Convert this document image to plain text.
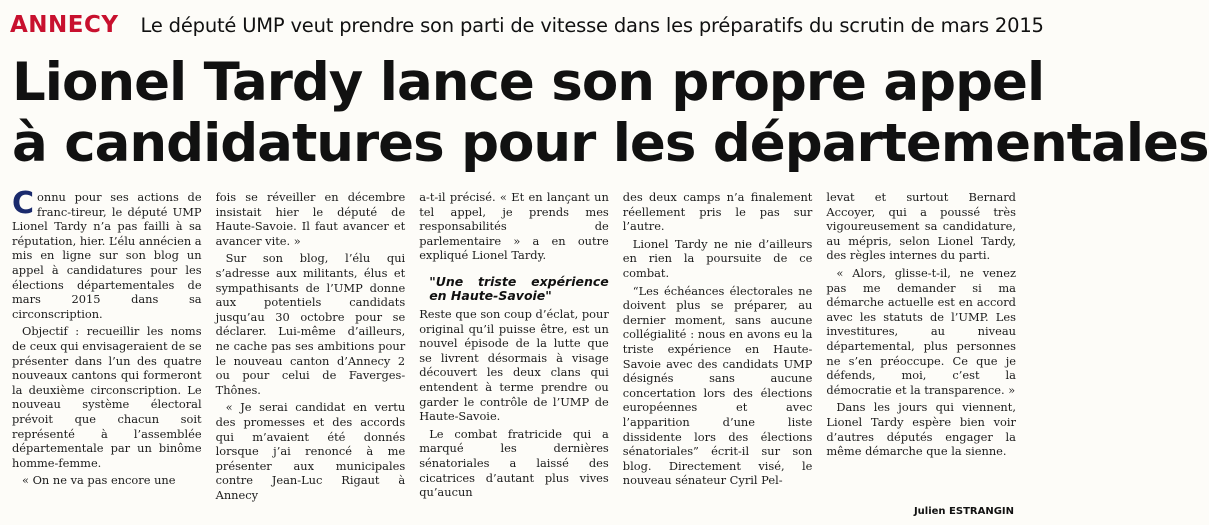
ANNECY Le député UMP veut prendre son parti de vitesse dans les préparatifs du scrutin de mars 2015
Lionel Tardy lance son propre appel
à candidatures pour les départementales

Connu pour ses actions de franc-tireur, le député UMP Lionel Tardy n’a pas failli à sa réputation, hier. L’élu annécien a mis en ligne sur son blog un appel à candidatures pour les élections départementales de mars 2015 dans sa circonscription.

Objectif : recueillir les noms de ceux qui envisageraient de se présenter dans l’un des quatre nouveaux cantons qui formeront la deuxième circonscription. Le nouveau système électoral prévoit que chacun soit représenté à l’assemblée départementale par un binôme homme-femme.

« On ne va pas encore une

fois se réveiller en décembre insistait hier le député de Haute-Savoie. Il faut avancer et avancer vite. »

Sur son blog, l’élu qui s’adresse aux militants, élus et sympathisants de l’UMP donne aux potentiels candidats jusqu’au 30 octobre pour se déclarer. Lui-même d’ailleurs, ne cache pas ses ambitions pour le nouveau canton d’Annecy 2 ou pour celui de Faverges-Thônes.

« Je serai candidat en vertu des promesses et des accords qui m’avaient été donnés lorsque j’ai renoncé à me présenter aux municipales contre Jean-Luc Rigaut à Annecy

a-t-il précisé. « Et en lançant un tel appel, je prends mes responsabilités de parlementaire » a en outre expliqué Lionel Tardy.

"Une triste expérience en Haute-Savoie"

Reste que son coup d’éclat, pour original qu’il puisse être, est un nouvel épisode de la lutte que se livrent désormais à visage découvert les deux clans qui entendent à terme prendre ou garder le contrôle de l’UMP de Haute-Savoie.

Le combat fratricide qui a marqué les dernières sénatoriales a laissé des cicatrices d’autant plus vives qu’aucun

des deux camps n’a finalement réellement pris le pas sur l’autre.

Lionel Tardy ne nie d’ailleurs en rien la poursuite de ce combat.

“Les échéances électorales ne doivent plus se préparer, au dernier moment, sans aucune collégialité : nous en avons eu la triste expérience en Haute-Savoie avec des candidats UMP désignés sans aucune concertation lors des élections européennes et avec l’apparition d’une liste dissidente lors des élections sénatoriales” écrit-il sur son blog. Directement visé, le nouveau sénateur Cyril Pel-

levat et surtout Bernard Accoyer, qui a poussé très vigoureusement sa candidature, au mépris, selon Lionel Tardy, des règles internes du parti.

« Alors, glisse-t-il, ne venez pas me demander si ma démarche actuelle est en accord avec les statuts de l’UMP. Les investitures, au niveau départemental, plus personnes ne s’en préoccupe. Ce que je défends, moi, c’est la démocratie et la transparence. »

Dans les jours qui viennent, Lionel Tardy espère bien voir d’autres députés engager la même démarche que la sienne.

Julien ESTRANGIN
